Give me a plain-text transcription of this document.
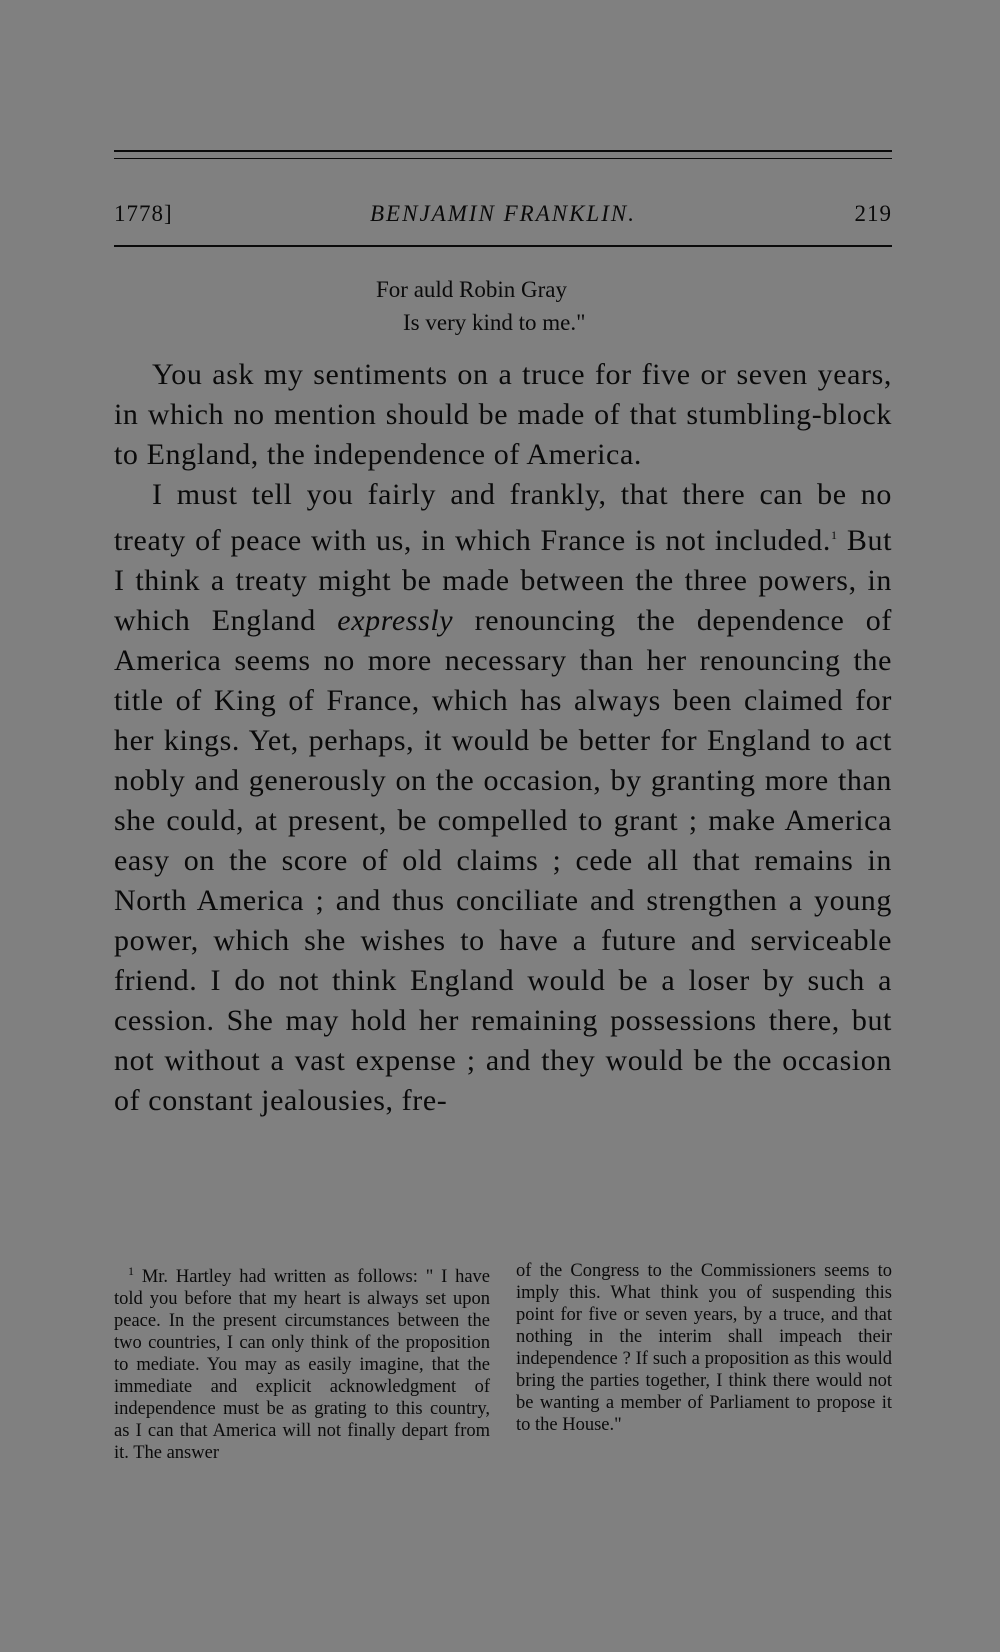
1778]	BENJAMIN FRANKLIN.	219
For auld Robin Gray
Is very kind to me."

You ask my sentiments on a truce for five or seven years, in which no mention should be made of that stumbling-block to England, the independence of America.

I must tell you fairly and frankly, that there can be no treaty of peace with us, in which France is not included.$^1$ But I think a treaty might be made between the three powers, in which England expressly renouncing the dependence of America seems no more necessary than her renouncing the title of King of France, which has always been claimed for her kings. Yet, perhaps, it would be better for England to act nobly and generously on the occasion, by granting more than she could, at present, be compelled to grant ; make America easy on the score of old claims ; cede all that remains in North America ; and thus conciliate and strengthen a young power, which she wishes to have a future and serviceable friend. I do not think England would be a loser by such a cession. She may hold her remaining possessions there, but not without a vast expense ; and they would be the occasion of constant jealousies, fre-

$^1$ Mr. Hartley had written as follows: " I have told you before that my heart is always set upon peace. In the present circumstances between the two countries, I can only think of the proposition to mediate. You may as easily imagine, that the immediate and explicit acknowledgment of independence must be as grating to this country, as I can that America will not finally depart from it. The answer

of the Congress to the Commissioners seems to imply this. What think you of suspending this point for five or seven years, by a truce, and that nothing in the interim shall impeach their independence ? If such a proposition as this would bring the parties together, I think there would not be wanting a member of Parliament to propose it to the House."
